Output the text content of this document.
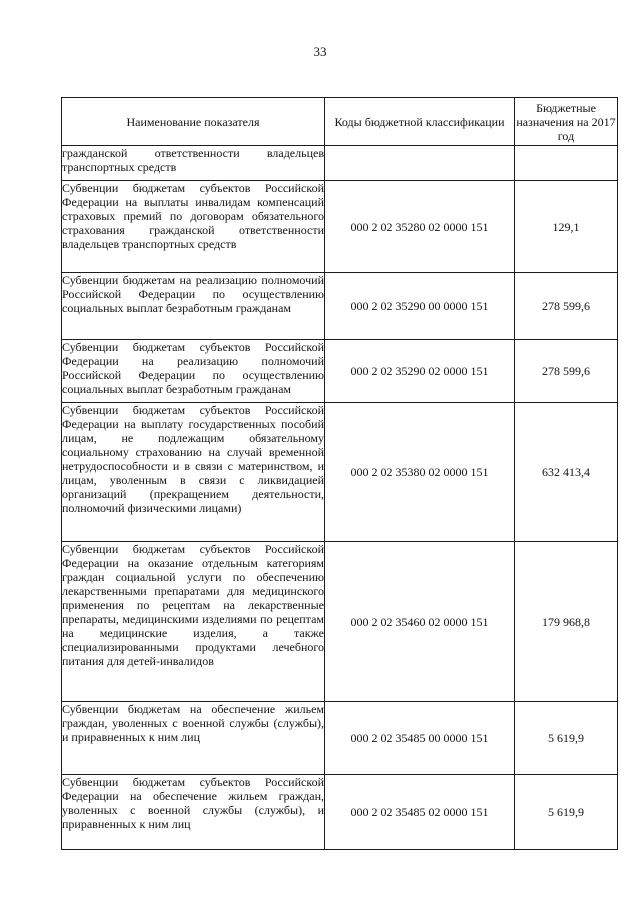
33
Наименование показателя	Коды бюджетной классификации	Бюджетные назначения на 2017 год
гражданской ответственности владельцев транспортных средств		
Субвенции бюджетам субъектов Российской Федерации на выплаты инвалидам компенсаций страховых премий по договорам обязательного страхования гражданской ответственности владельцев транспортных средств	000 2 02 35280 02 0000 151	129,1
Субвенции бюджетам на реализацию полномочий Российской Федерации по осуществлению социальных выплат безработным гражданам	000 2 02 35290 00 0000 151	278 599,6
Субвенции бюджетам субъектов Российской Федерации на реализацию полномочий Российской Федерации по осуществлению социальных выплат безработным гражданам	000 2 02 35290 02 0000 151	278 599,6
Субвенции бюджетам субъектов Российской Федерации на выплату государственных пособий лицам, не подлежащим обязательному социальному страхованию на случай временной нетрудоспособности и в связи с материнством, и лицам, уволенным в связи с ликвидацией организаций (прекращением деятельности, полномочий физическими лицами)	000 2 02 35380 02 0000 151	632 413,4
Субвенции бюджетам субъектов Российской Федерации на оказание отдельным категориям граждан социальной услуги по обеспечению лекарственными препаратами для медицинского применения по рецептам на лекарственные препараты, медицинскими изделиями по рецептам на медицинские изделия, а также специализированными продуктами лечебного питания для детей-инвалидов	000 2 02 35460 02 0000 151	179 968,8
Субвенции бюджетам на обеспечение жильем граждан, уволенных с военной службы (службы), и приравненных к ним лиц	000 2 02 35485 00 0000 151	5 619,9
Субвенции бюджетам субъектов Российской Федерации на обеспечение жильем граждан, уволенных с военной службы (службы), и приравненных к ним лиц	000 2 02 35485 02 0000 151	5 619,9
